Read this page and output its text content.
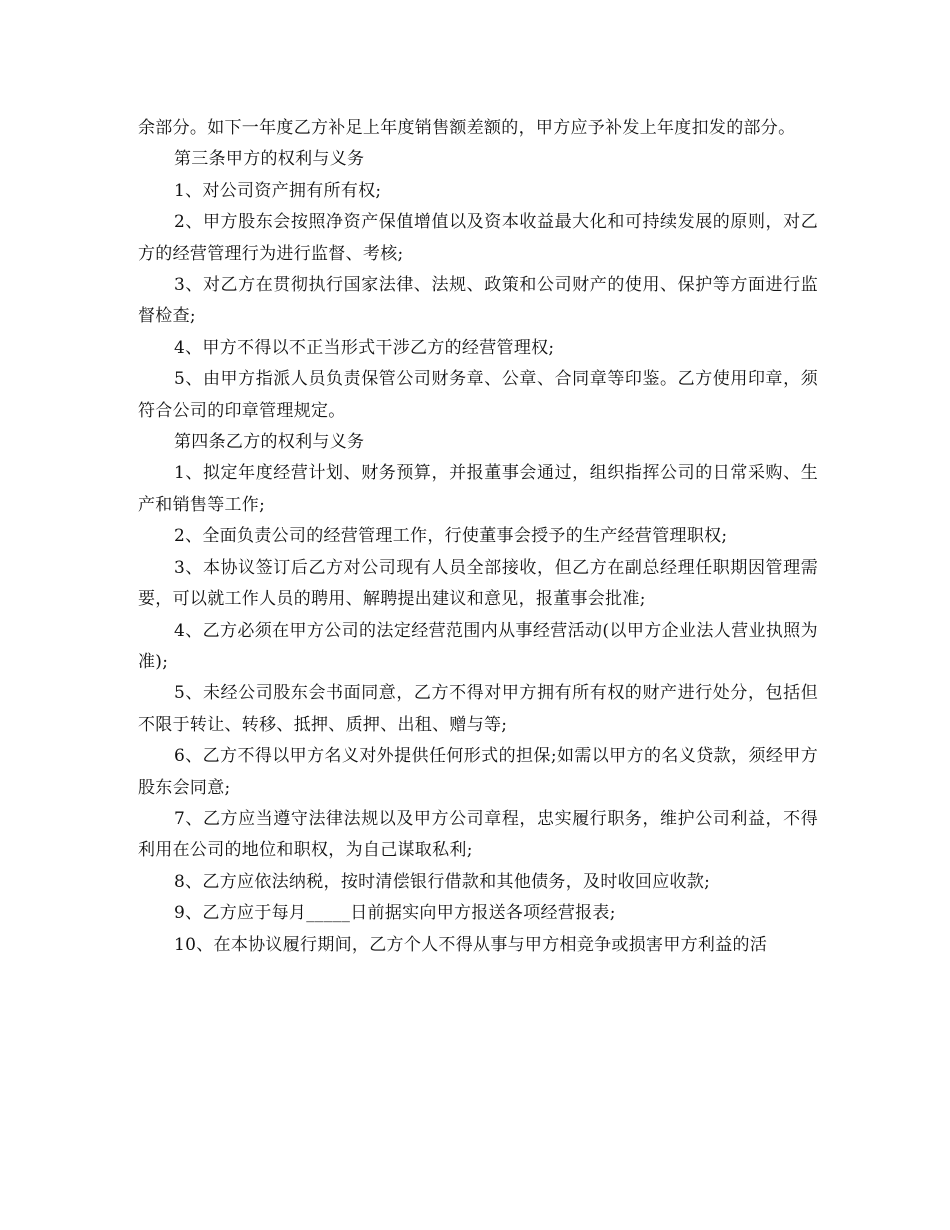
余部分。如下一年度乙方补足上年度销售额差额的，甲方应予补发上年度扣发的部分。

第三条甲方的权利与义务

1、对公司资产拥有所有权;

2、甲方股东会按照净资产保值增值以及资本收益最大化和可持续发展的原则，对乙方的经营管理行为进行监督、考核;

3、对乙方在贯彻执行国家法律、法规、政策和公司财产的使用、保护等方面进行监督检查;

4、甲方不得以不正当形式干涉乙方的经营管理权;

5、由甲方指派人员负责保管公司财务章、公章、合同章等印鉴。乙方使用印章，须符合公司的印章管理规定。

第四条乙方的权利与义务

1、拟定年度经营计划、财务预算，并报董事会通过，组织指挥公司的日常采购、生产和销售等工作;

2、全面负责公司的经营管理工作，行使董事会授予的生产经营管理职权;

3、本协议签订后乙方对公司现有人员全部接收，但乙方在副总经理任职期因管理需要，可以就工作人员的聘用、解聘提出建议和意见，报董事会批准;

4、乙方必须在甲方公司的法定经营范围内从事经营活动(以甲方企业法人营业执照为准);

5、未经公司股东会书面同意，乙方不得对甲方拥有所有权的财产进行处分，包括但不限于转让、转移、抵押、质押、出租、赠与等;

6、乙方不得以甲方名义对外提供任何形式的担保;如需以甲方的名义贷款，须经甲方股东会同意;

7、乙方应当遵守法律法规以及甲方公司章程，忠实履行职务，维护公司利益，不得利用在公司的地位和职权，为自己谋取私利;

8、乙方应依法纳税，按时清偿银行借款和其他债务，及时收回应收款;

9、乙方应于每月_____日前据实向甲方报送各项经营报表;

10、在本协议履行期间，乙方个人不得从事与甲方相竞争或损害甲方利益的活
